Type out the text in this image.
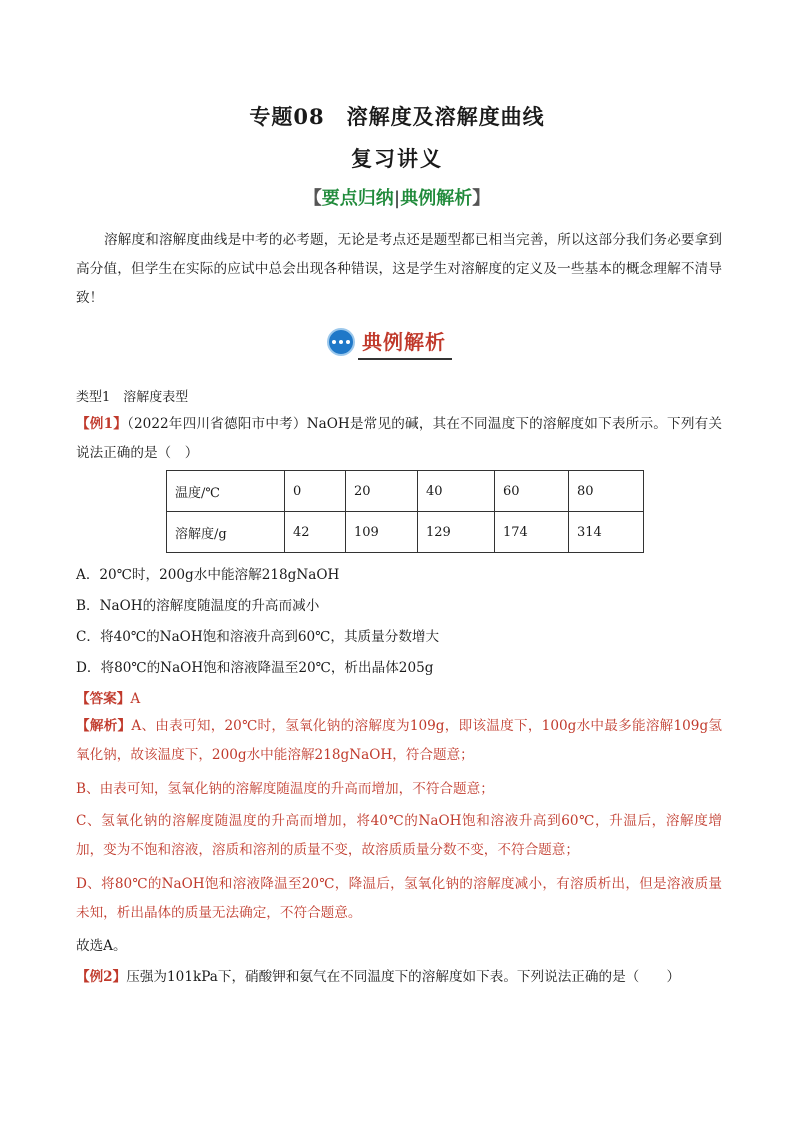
专题08　溶解度及溶解度曲线
复习讲义
【要点归纳|典例解析】
溶解度和溶解度曲线是中考的必考题，无论是考点还是题型都已相当完善，所以这部分我们务必要拿到高分值，但学生在实际的应试中总会出现各种错误，这是学生对溶解度的定义及一些基本的概念理解不清导致！
典例解析
类型1　溶解度表型
【例1】（2022年四川省德阳市中考）NaOH是常见的碱，其在不同温度下的溶解度如下表所示。下列有关说法正确的是（　）
温度/℃	0	20	40	60	80
溶解度/g	42	109	129	174	314
A．20℃时，200g水中能溶解218gNaOH
B．NaOH的溶解度随温度的升高而减小
C．将40℃的NaOH饱和溶液升高到60℃，其质量分数增大
D．将80℃的NaOH饱和溶液降温至20℃，析出晶体205g
【答案】A
【解析】A、由表可知，20℃时，氢氧化钠的溶解度为109g，即该温度下，100g水中最多能溶解109g氢氧化钠，故该温度下，200g水中能溶解218gNaOH，符合题意；
B、由表可知，氢氧化钠的溶解度随温度的升高而增加，不符合题意；
C、氢氧化钠的溶解度随温度的升高而增加，将40℃的NaOH饱和溶液升高到60℃，升温后，溶解度增加，变为不饱和溶液，溶质和溶剂的质量不变，故溶质质量分数不变，不符合题意；
D、将80℃的NaOH饱和溶液降温至20℃，降温后，氢氧化钠的溶解度减小，有溶质析出，但是溶液质量未知，析出晶体的质量无法确定，不符合题意。
故选A。
【例2】压强为101kPa下，硝酸钾和氨气在不同温度下的溶解度如下表。下列说法正确的是（　　）
